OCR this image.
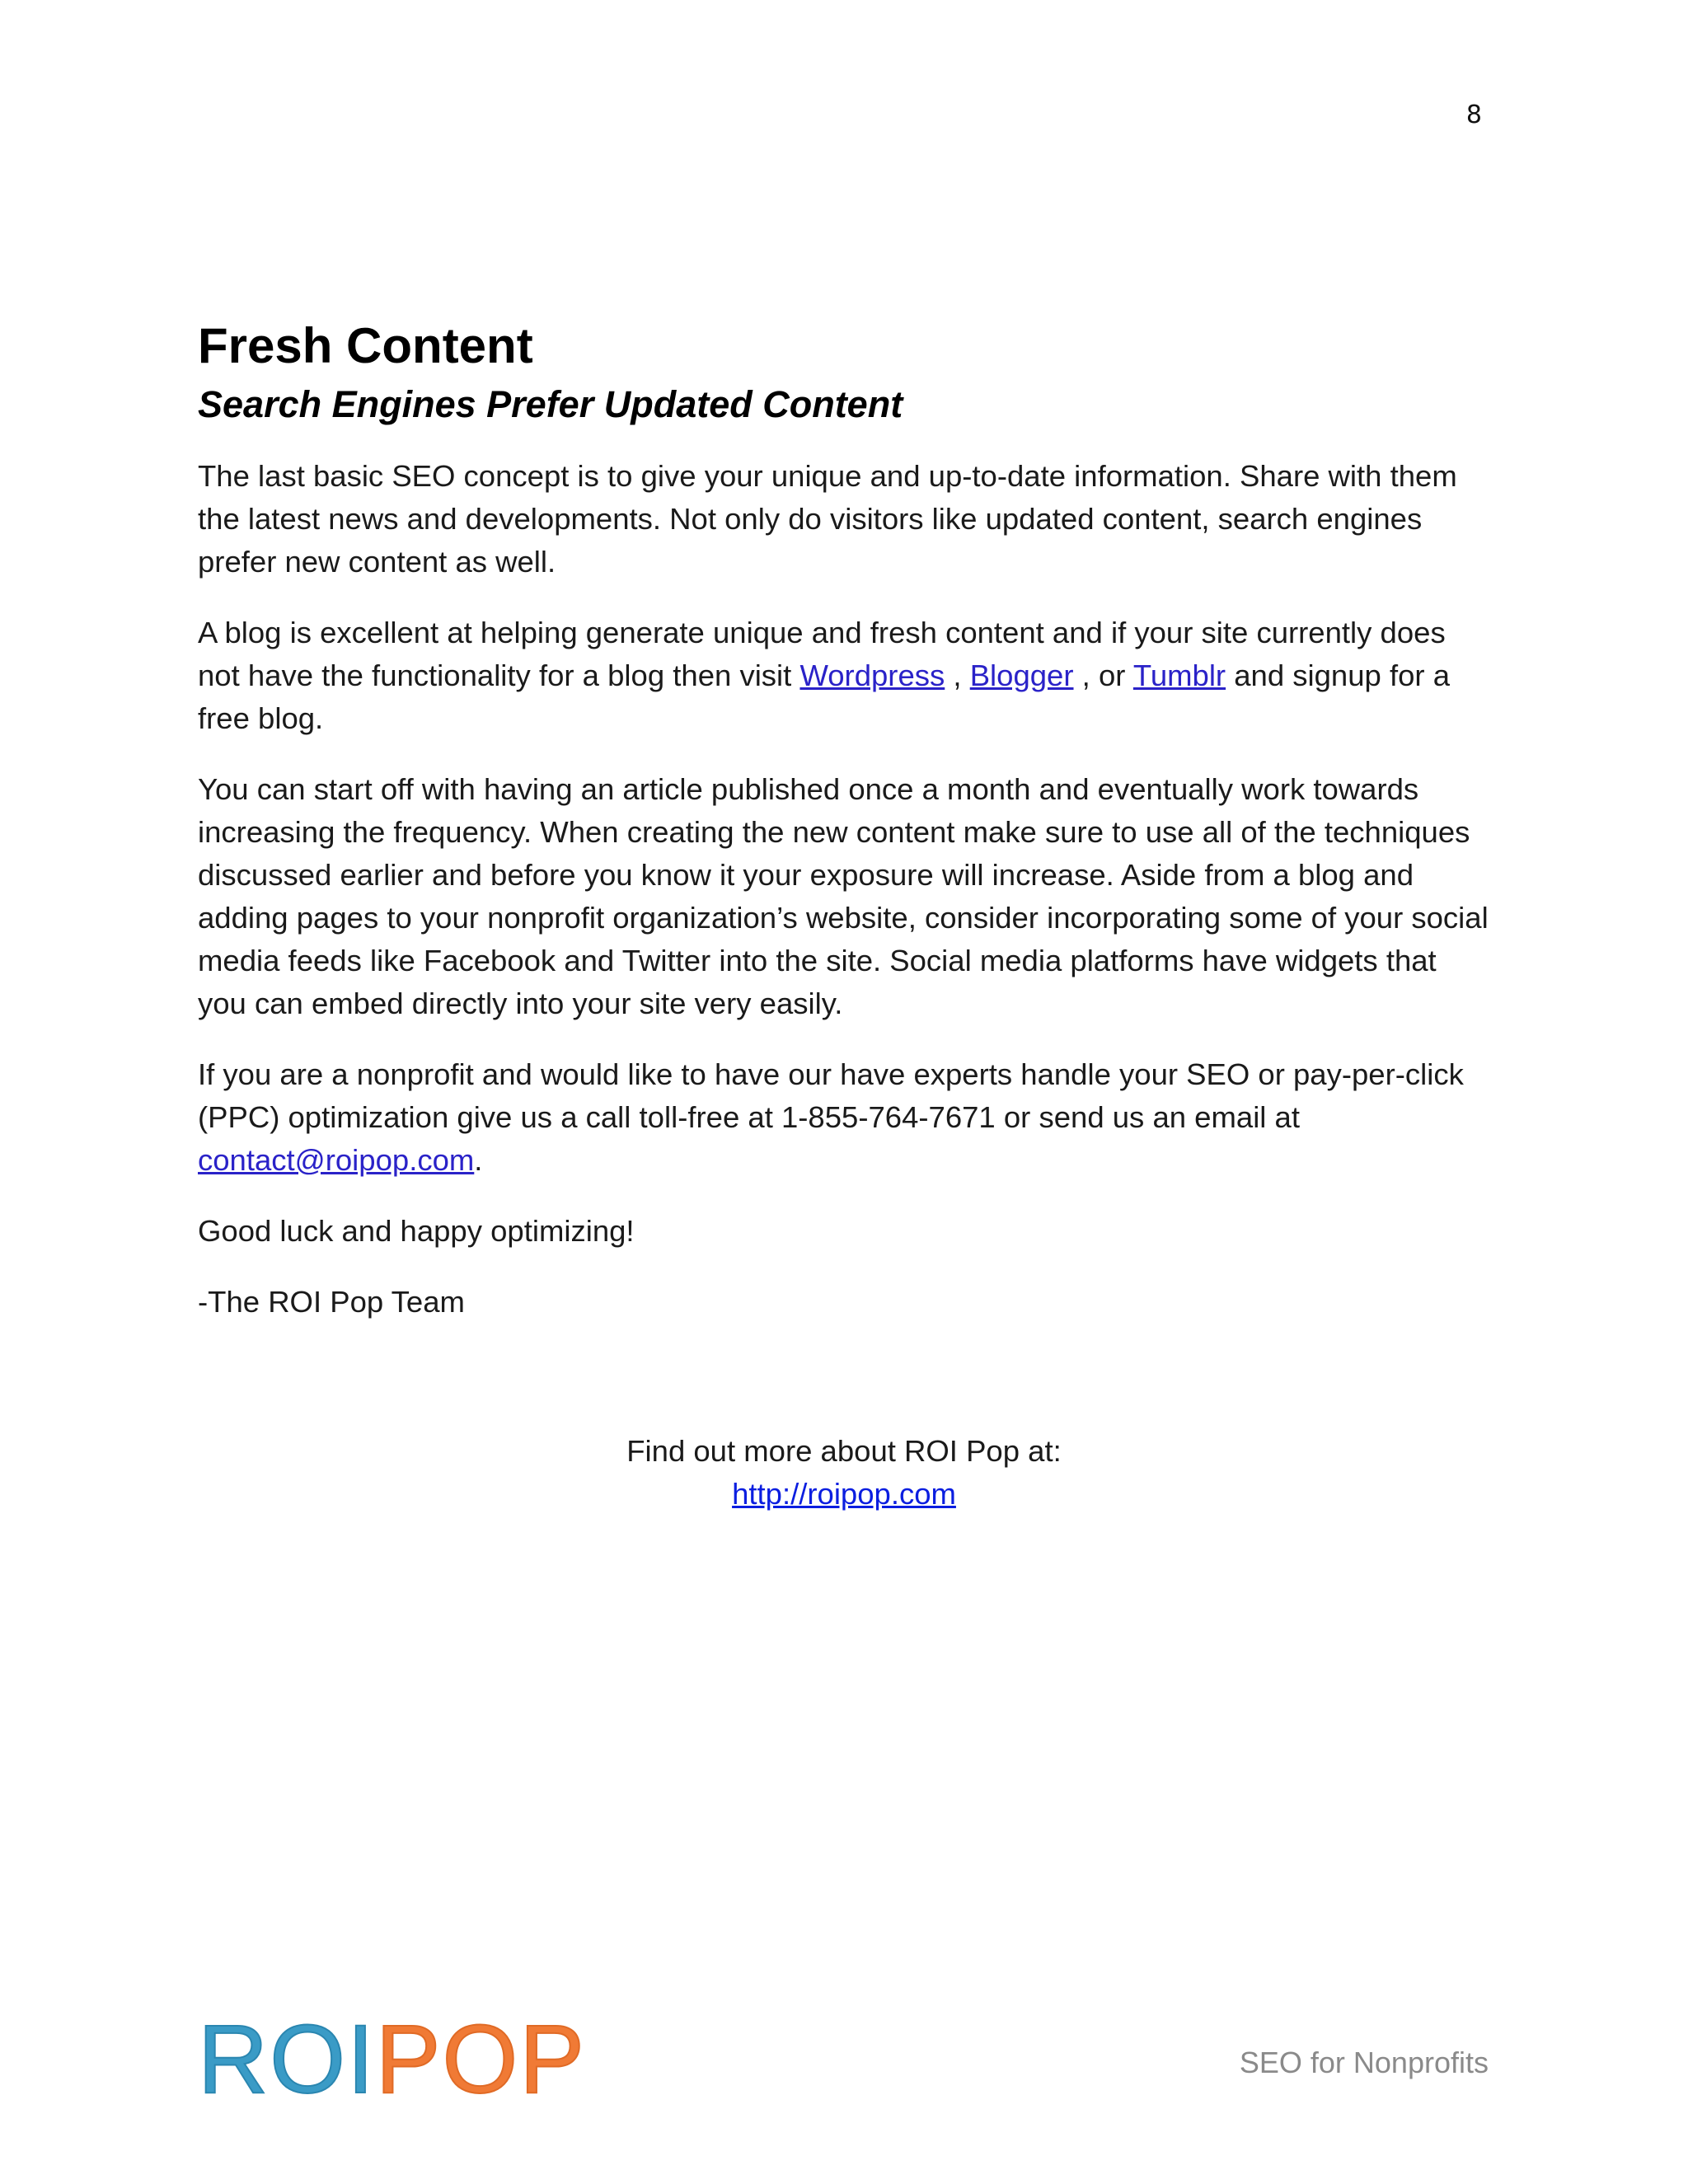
8
Fresh Content
Search Engines Prefer Updated Content

The last basic SEO concept is to give your unique and up-to-date information. Share with them the latest news and developments. Not only do visitors like updated content, search engines prefer new content as well.

A blog is excellent at helping generate unique and fresh content and if your site currently does not have the functionality for a blog then visit Wordpress , Blogger , or Tumblr and signup for a free blog.

You can start off with having an article published once a month and eventually work towards increasing the frequency. When creating the new content make sure to use all of the techniques discussed earlier and before you know it your exposure will increase. Aside from a blog and adding pages to your nonprofit organization’s website, consider incorporating some of your social media feeds like Facebook and Twitter into the site. Social media platforms have widgets that you can embed directly into your site very easily.

If you are a nonprofit and would like to have our have experts handle your SEO or pay-per-click (PPC) optimization give us a call toll-free at 1-855-764-7671 or send us an email at contact@roipop.com.

Good luck and happy optimizing!

-The ROI Pop Team

Find out more about ROI Pop at:
http://roipop.com
ROI POP	SEO for Nonprofits
